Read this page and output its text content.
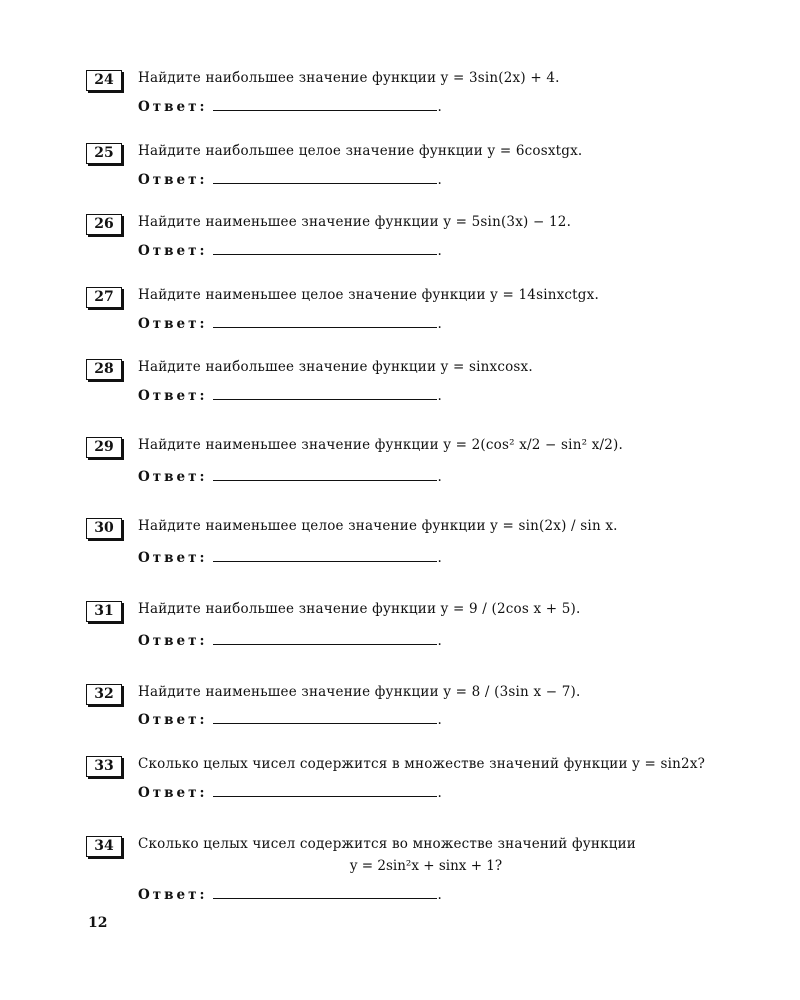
24	Найдите наибольшее значение функции y = 3sin(2x) + 4.
Ответ:	.
25	Найдите наибольшее целое значение функции y = 6cosxtgx.
Ответ:	.
26	Найдите наименьшее значение функции y = 5sin(3x) − 12.
Ответ:	.
27	Найдите наименьшее целое значение функции y = 14sinxctgx.
Ответ:	.
28	Найдите наибольшее значение функции y = sinxcosx.
Ответ:	.
29	Найдите наименьшее значение функции y = 2(cos² x/2 − sin² x/2).
Ответ:	.
30	Найдите наименьшее целое значение функции y = sin(2x) / sin x.
Ответ:	.
31	Найдите наибольшее значение функции y = 9 / (2cos x + 5).
Ответ:	.
32	Найдите наименьшее значение функции y = 8 / (3sin x − 7).
Ответ:	.
33	Сколько целых чисел содержится в множестве значений функции y = sin2x?
Ответ:	.
34	Сколько целых чисел содержится во множестве значений функции
y = 2sin²x + sinx + 1?
Ответ:	.
12
